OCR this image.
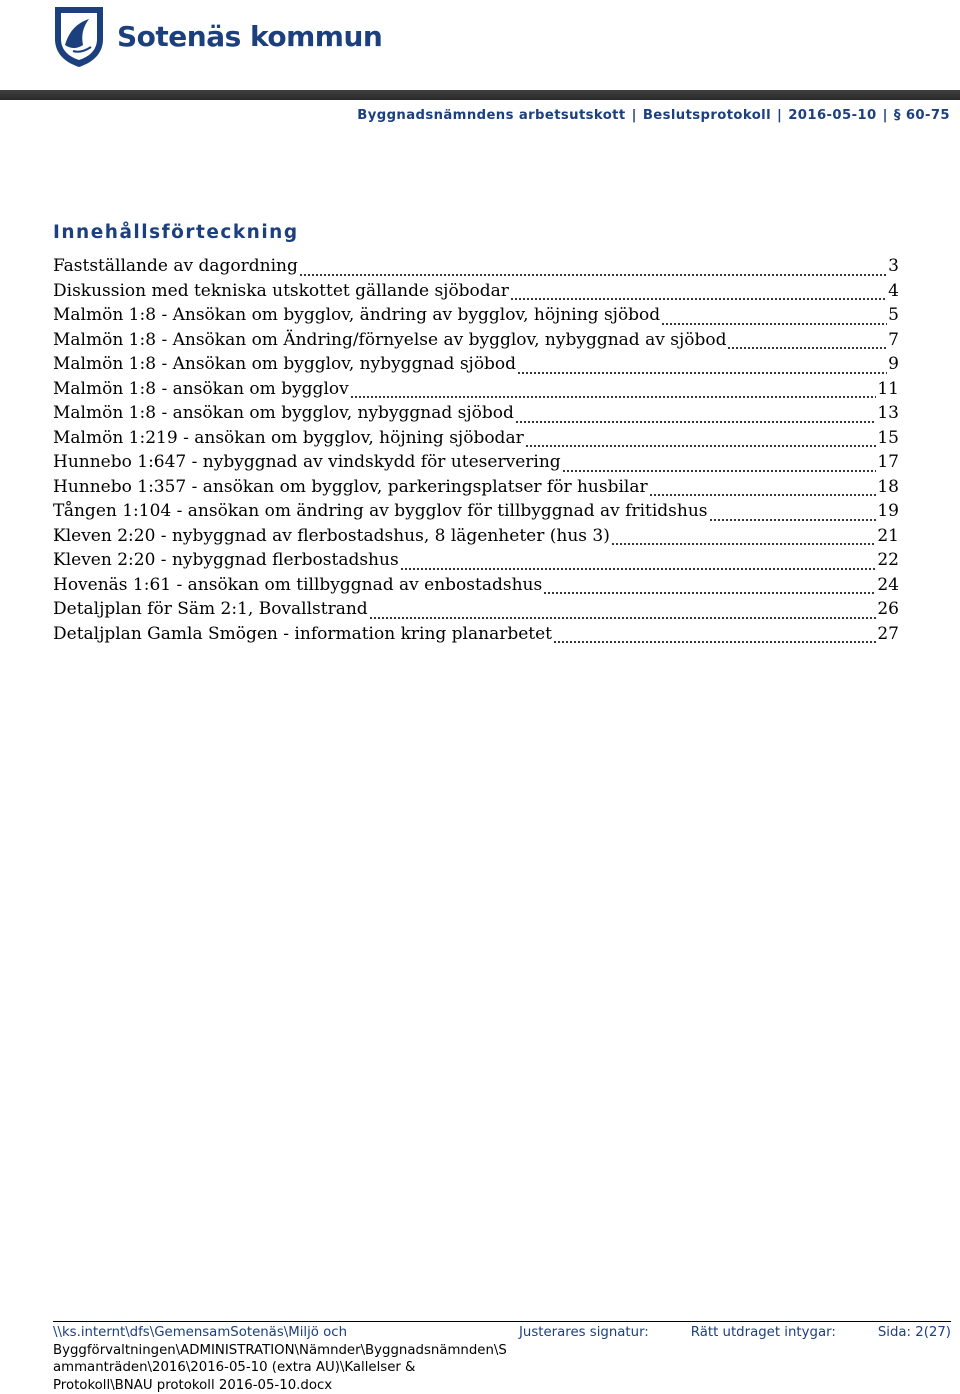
Sotenäs kommun
Byggnadsnämndens arbetsutskott | Beslutsprotokoll | 2016-05-10 | § 60-75
Innehållsförteckning
Fastställande av dagordning	3
Diskussion med tekniska utskottet gällande sjöbodar	4
Malmön 1:8 - Ansökan om bygglov, ändring av bygglov, höjning sjöbod	5
Malmön 1:8 - Ansökan om Ändring/förnyelse av bygglov, nybyggnad av sjöbod	7
Malmön 1:8 - Ansökan om bygglov, nybyggnad sjöbod	9
Malmön 1:8 - ansökan om bygglov	11
Malmön 1:8 - ansökan om bygglov, nybyggnad sjöbod	13
Malmön 1:219 - ansökan om bygglov, höjning sjöbodar	15
Hunnebo 1:647 - nybyggnad av vindskydd för uteservering	17
Hunnebo 1:357 - ansökan om bygglov, parkeringsplatser för husbilar	18
Tången 1:104 - ansökan om ändring av bygglov för tillbyggnad av fritidshus	19
Kleven 2:20 - nybyggnad av flerbostadshus, 8 lägenheter (hus 3)	21
Kleven 2:20 - nybyggnad flerbostadshus	22
Hovenäs 1:61 - ansökan om tillbyggnad av enbostadshus	24
Detaljplan för Säm 2:1, Bovallstrand	26
Detaljplan Gamla Smögen - information kring planarbetet	27
\\ks.internt\dfs\GemensamSotenäs\Miljö och
Byggförvaltningen\ADMINISTRATION\Nämnder\Byggnadsnämnden\S
ammanträden\2016\2016-05-10 (extra AU)\Kallelser &
Protokoll\BNAU protokoll 2016-05-10.docx
Justerares signatur:	Rätt utdraget intygar:	Sida: 2(27)
